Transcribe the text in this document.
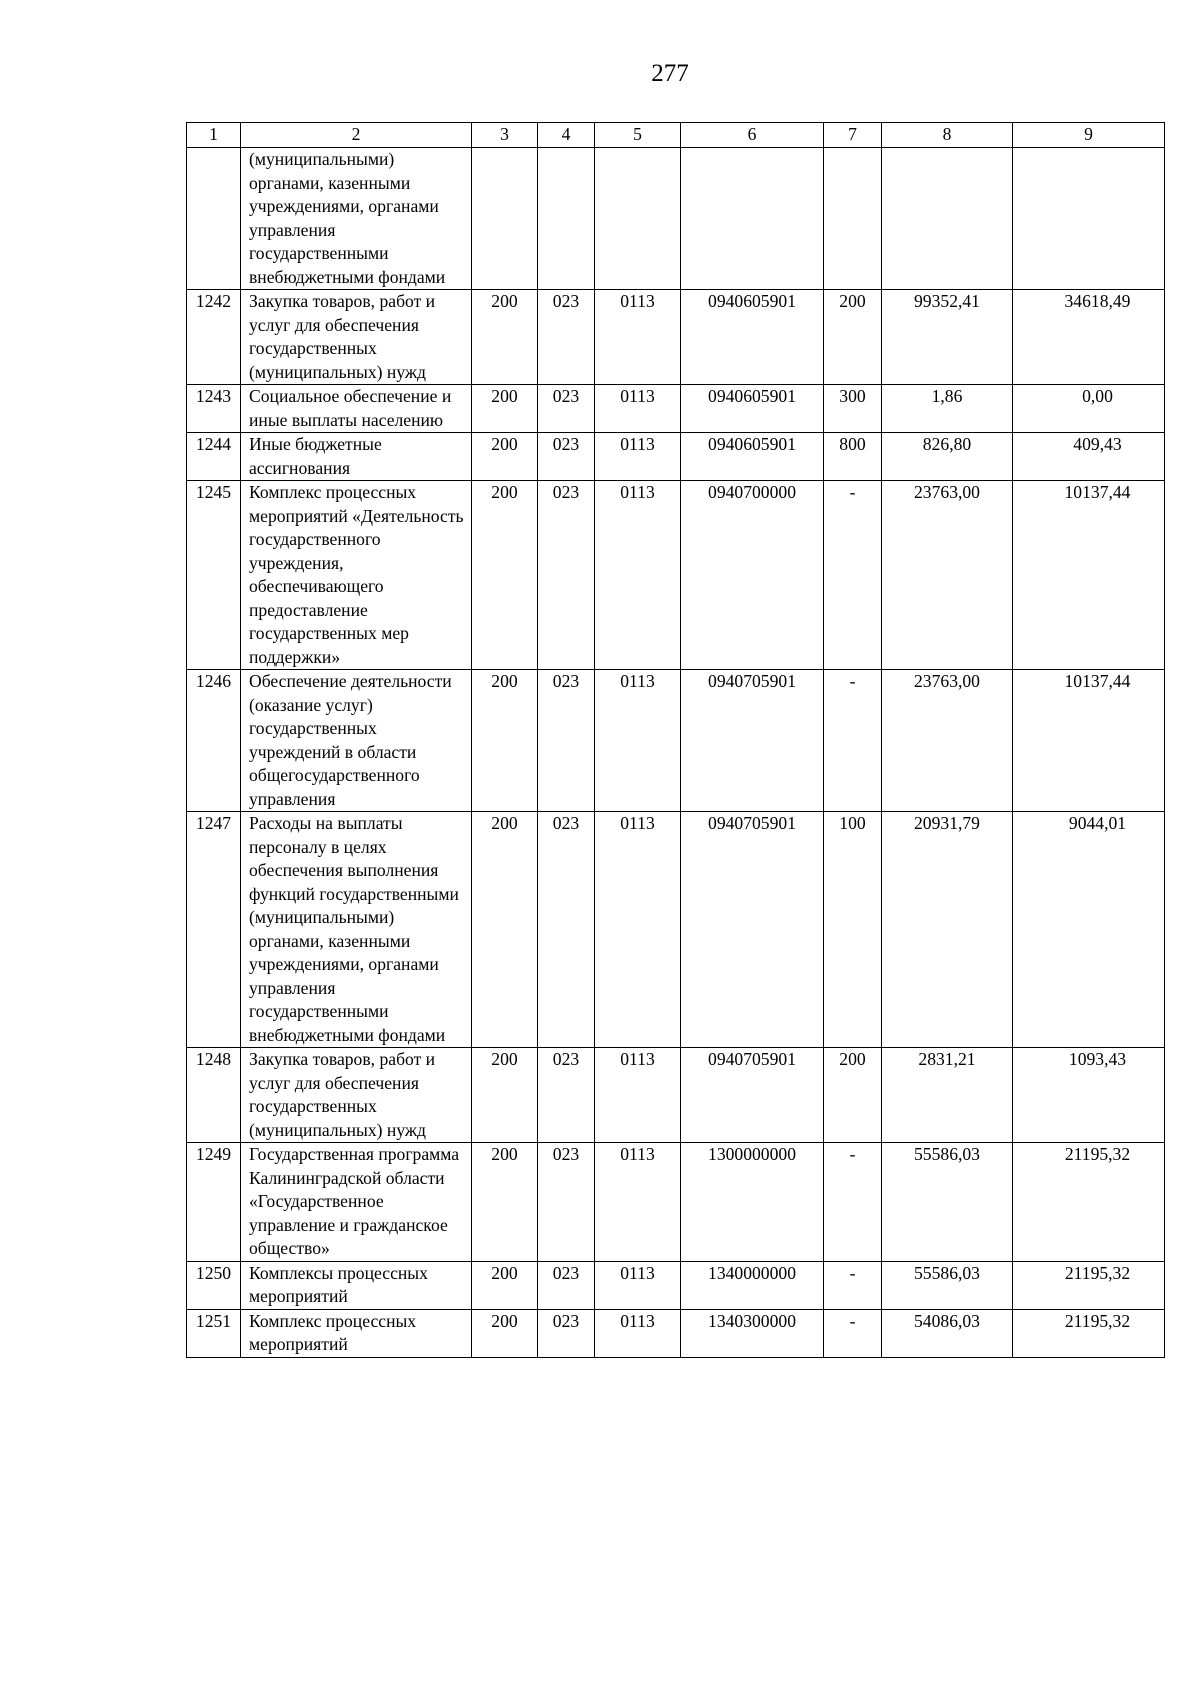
277
1	2	3	4	5	6	7	8	9
	(муниципальными) органами, казенными учреждениями, органами управления государственными внебюджетными фондами							
1242	Закупка товаров, работ и услуг для обеспечения государственных (муниципальных) нужд	200	023	0113	0940605901	200	99352,41	34618,49
1243	Социальное обеспечение и иные выплаты населению	200	023	0113	0940605901	300	1,86	0,00
1244	Иные бюджетные ассигнования	200	023	0113	0940605901	800	826,80	409,43
1245	Комплекс процессных мероприятий «Деятельность государственного учреждения, обеспечивающего предоставление государственных мер поддержки»	200	023	0113	0940700000	-	23763,00	10137,44
1246	Обеспечение деятельности (оказание услуг) государственных учреждений в области общегосударственного управления	200	023	0113	0940705901	-	23763,00	10137,44
1247	Расходы на выплаты персоналу в целях обеспечения выполнения функций государственными (муниципальными) органами, казенными учреждениями, органами управления государственными внебюджетными фондами	200	023	0113	0940705901	100	20931,79	9044,01
1248	Закупка товаров, работ и услуг для обеспечения государственных (муниципальных) нужд	200	023	0113	0940705901	200	2831,21	1093,43
1249	Государственная программа Калининградской области «Государственное управление и гражданское общество»	200	023	0113	1300000000	-	55586,03	21195,32
1250	Комплексы процессных мероприятий	200	023	0113	1340000000	-	55586,03	21195,32
1251	Комплекс процессных мероприятий	200	023	0113	1340300000	-	54086,03	21195,32
